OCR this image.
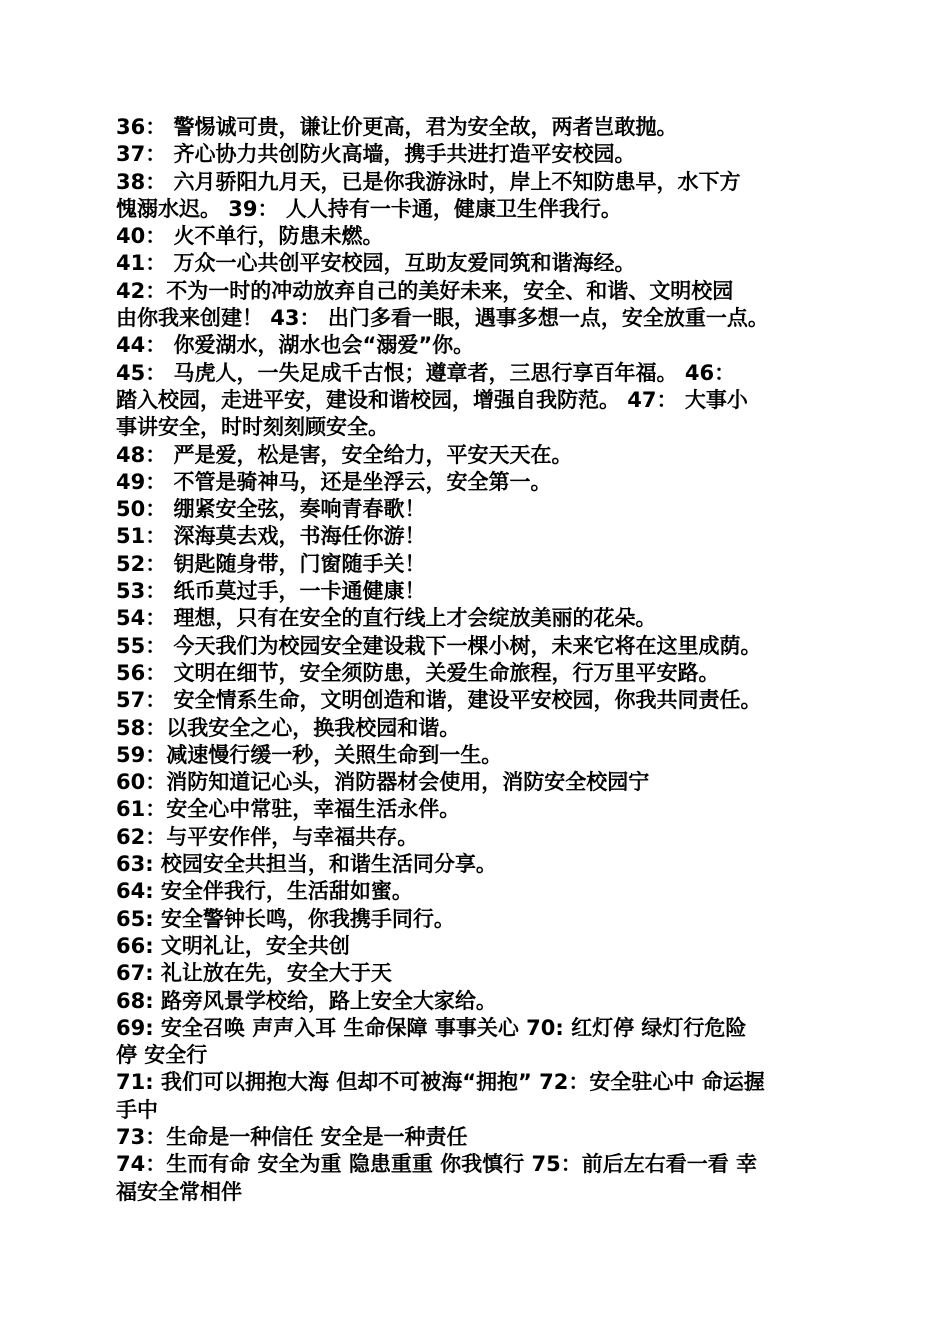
36： 警惕诚可贵，谦让价更高，君为安全故，两者岂敢抛。
37： 齐心协力共创防火高墙，携手共进打造平安校园。
38： 六月骄阳九月天，已是你我游泳时，岸上不知防患早，水下方
愧溺水迟。 39： 人人持有一卡通，健康卫生伴我行。
40： 火不单行，防患未燃。
41： 万众一心共创平安校园，互助友爱同筑和谐海经。
42：不为一时的冲动放弃自己的美好未来，安全、和谐、文明校园
由你我来创建！ 43： 出门多看一眼，遇事多想一点，安全放重一点。
44： 你爱湖水，湖水也会“溺爱”你。
45： 马虎人，一失足成千古恨；遵章者，三思行享百年福。 46：
踏入校园，走进平安，建设和谐校园，增强自我防范。 47： 大事小
事讲安全，时时刻刻顾安全。
48： 严是爱，松是害，安全给力，平安天天在。
49： 不管是骑神马，还是坐浮云，安全第一。
50： 绷紧安全弦，奏响青春歌！
51： 深海莫去戏，书海任你游！
52： 钥匙随身带，门窗随手关！
53： 纸币莫过手，一卡通健康！
54： 理想，只有在安全的直行线上才会绽放美丽的花朵。
55： 今天我们为校园安全建设栽下一棵小树，未来它将在这里成荫。
56： 文明在细节，安全须防患，关爱生命旅程，行万里平安路。
57： 安全情系生命，文明创造和谐，建设平安校园，你我共同责任。
58：以我安全之心，换我校园和谐。
59：减速慢行缓一秒，关照生命到一生。
60：消防知道记心头，消防器材会使用，消防安全校园宁
61：安全心中常驻，幸福生活永伴。
62：与平安作伴，与幸福共存。
63: 校园安全共担当，和谐生活同分享。
64: 安全伴我行，生活甜如蜜。
65: 安全警钟长鸣，你我携手同行。
66: 文明礼让，安全共创
67: 礼让放在先，安全大于天
68: 路旁风景学校给，路上安全大家给。
69: 安全召唤 声声入耳 生命保障 事事关心 70: 红灯停 绿灯行危险
停 安全行
71: 我们可以拥抱大海 但却不可被海“拥抱” 72：安全驻心中 命运握
手中
73：生命是一种信任 安全是一种责任
74：生而有命 安全为重 隐患重重 你我慎行 75：前后左右看一看 幸
福安全常相伴
